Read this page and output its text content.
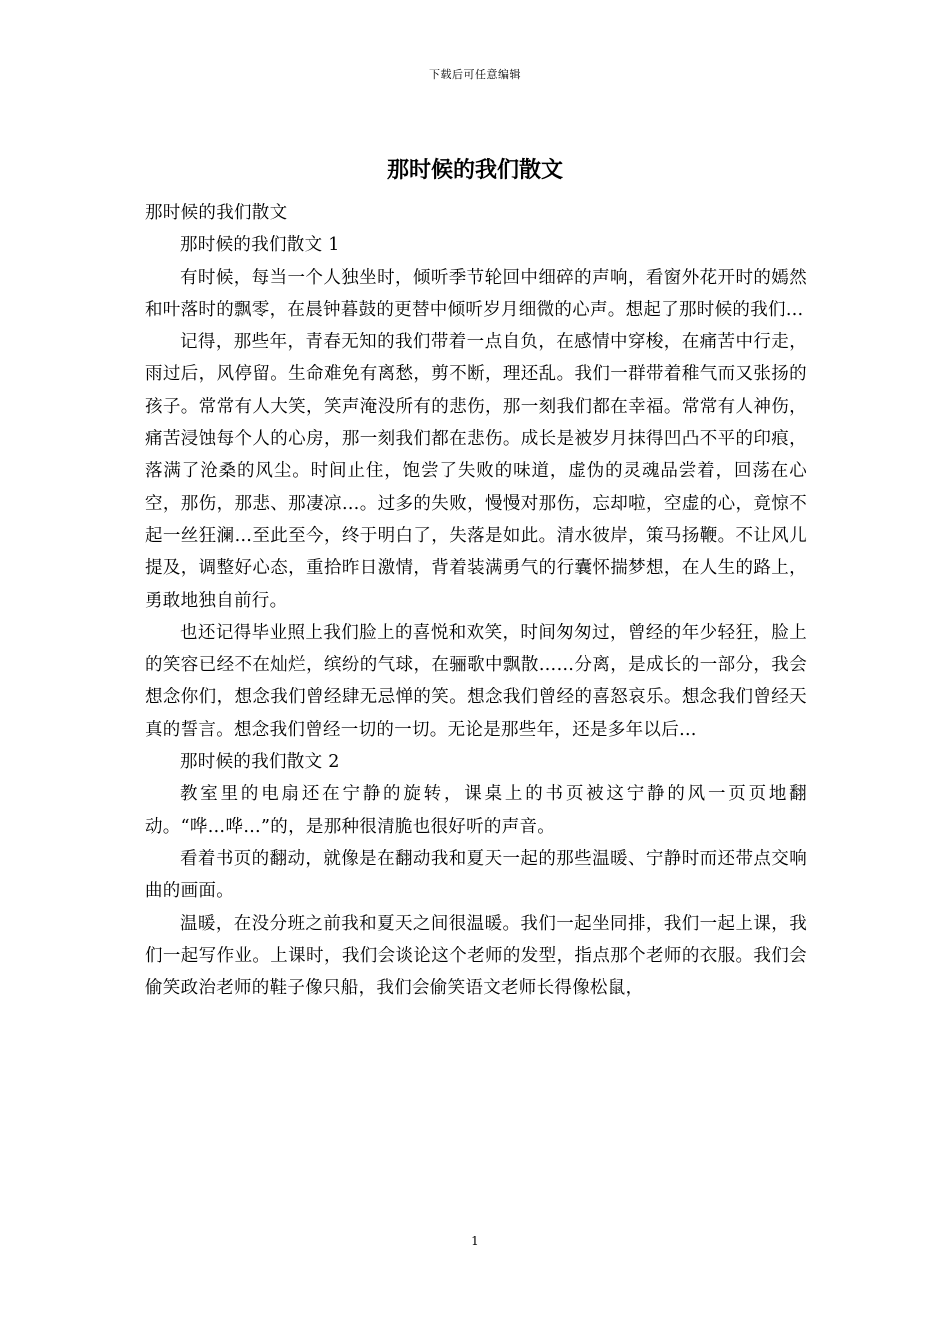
下载后可任意编辑
那时候的我们散文

那时候的我们散文

那时候的我们散文 1

有时候，每当一个人独坐时，倾听季节轮回中细碎的声响，看窗外花开时的嫣然和叶落时的飘零，在晨钟暮鼓的更替中倾听岁月细微的心声。想起了那时候的我们…

记得，那些年，青春无知的我们带着一点自负，在感情中穿梭，在痛苦中行走，雨过后，风停留。生命难免有离愁，剪不断，理还乱。我们一群带着稚气而又张扬的孩子。常常有人大笑，笑声淹没所有的悲伤，那一刻我们都在幸福。常常有人神伤，痛苦浸蚀每个人的心房，那一刻我们都在悲伤。成长是被岁月抹得凹凸不平的印痕，落满了沧桑的风尘。时间止住，饱尝了失败的味道，虚伪的灵魂品尝着，回荡在心空，那伤，那悲、那凄凉…。过多的失败，慢慢对那伤，忘却啦，空虚的心，竟惊不起一丝狂澜…至此至今，终于明白了，失落是如此。清水彼岸，策马扬鞭。不让风儿提及，调整好心态，重拾昨日激情，背着装满勇气的行囊怀揣梦想，在人生的路上，勇敢地独自前行。

也还记得毕业照上我们脸上的喜悦和欢笑，时间匆匆过，曾经的年少轻狂，脸上的笑容已经不在灿烂，缤纷的气球，在骊歌中飘散……分离，是成长的一部分，我会想念你们，想念我们曾经肆无忌惮的笑。想念我们曾经的喜怒哀乐。想念我们曾经天真的誓言。想念我们曾经一切的一切。无论是那些年，还是多年以后…

那时候的我们散文 2

教室里的电扇还在宁静的旋转，课桌上的书页被这宁静的风一页页地翻动。“哗…哗…”的，是那种很清脆也很好听的声音。

看着书页的翻动，就像是在翻动我和夏天一起的那些温暖、宁静时而还带点交响曲的画面。

温暖，在没分班之前我和夏天之间很温暖。我们一起坐同排，我们一起上课，我们一起写作业。上课时，我们会谈论这个老师的发型，指点那个老师的衣服。我们会偷笑政治老师的鞋子像只船，我们会偷笑语文老师长得像松鼠，

1
